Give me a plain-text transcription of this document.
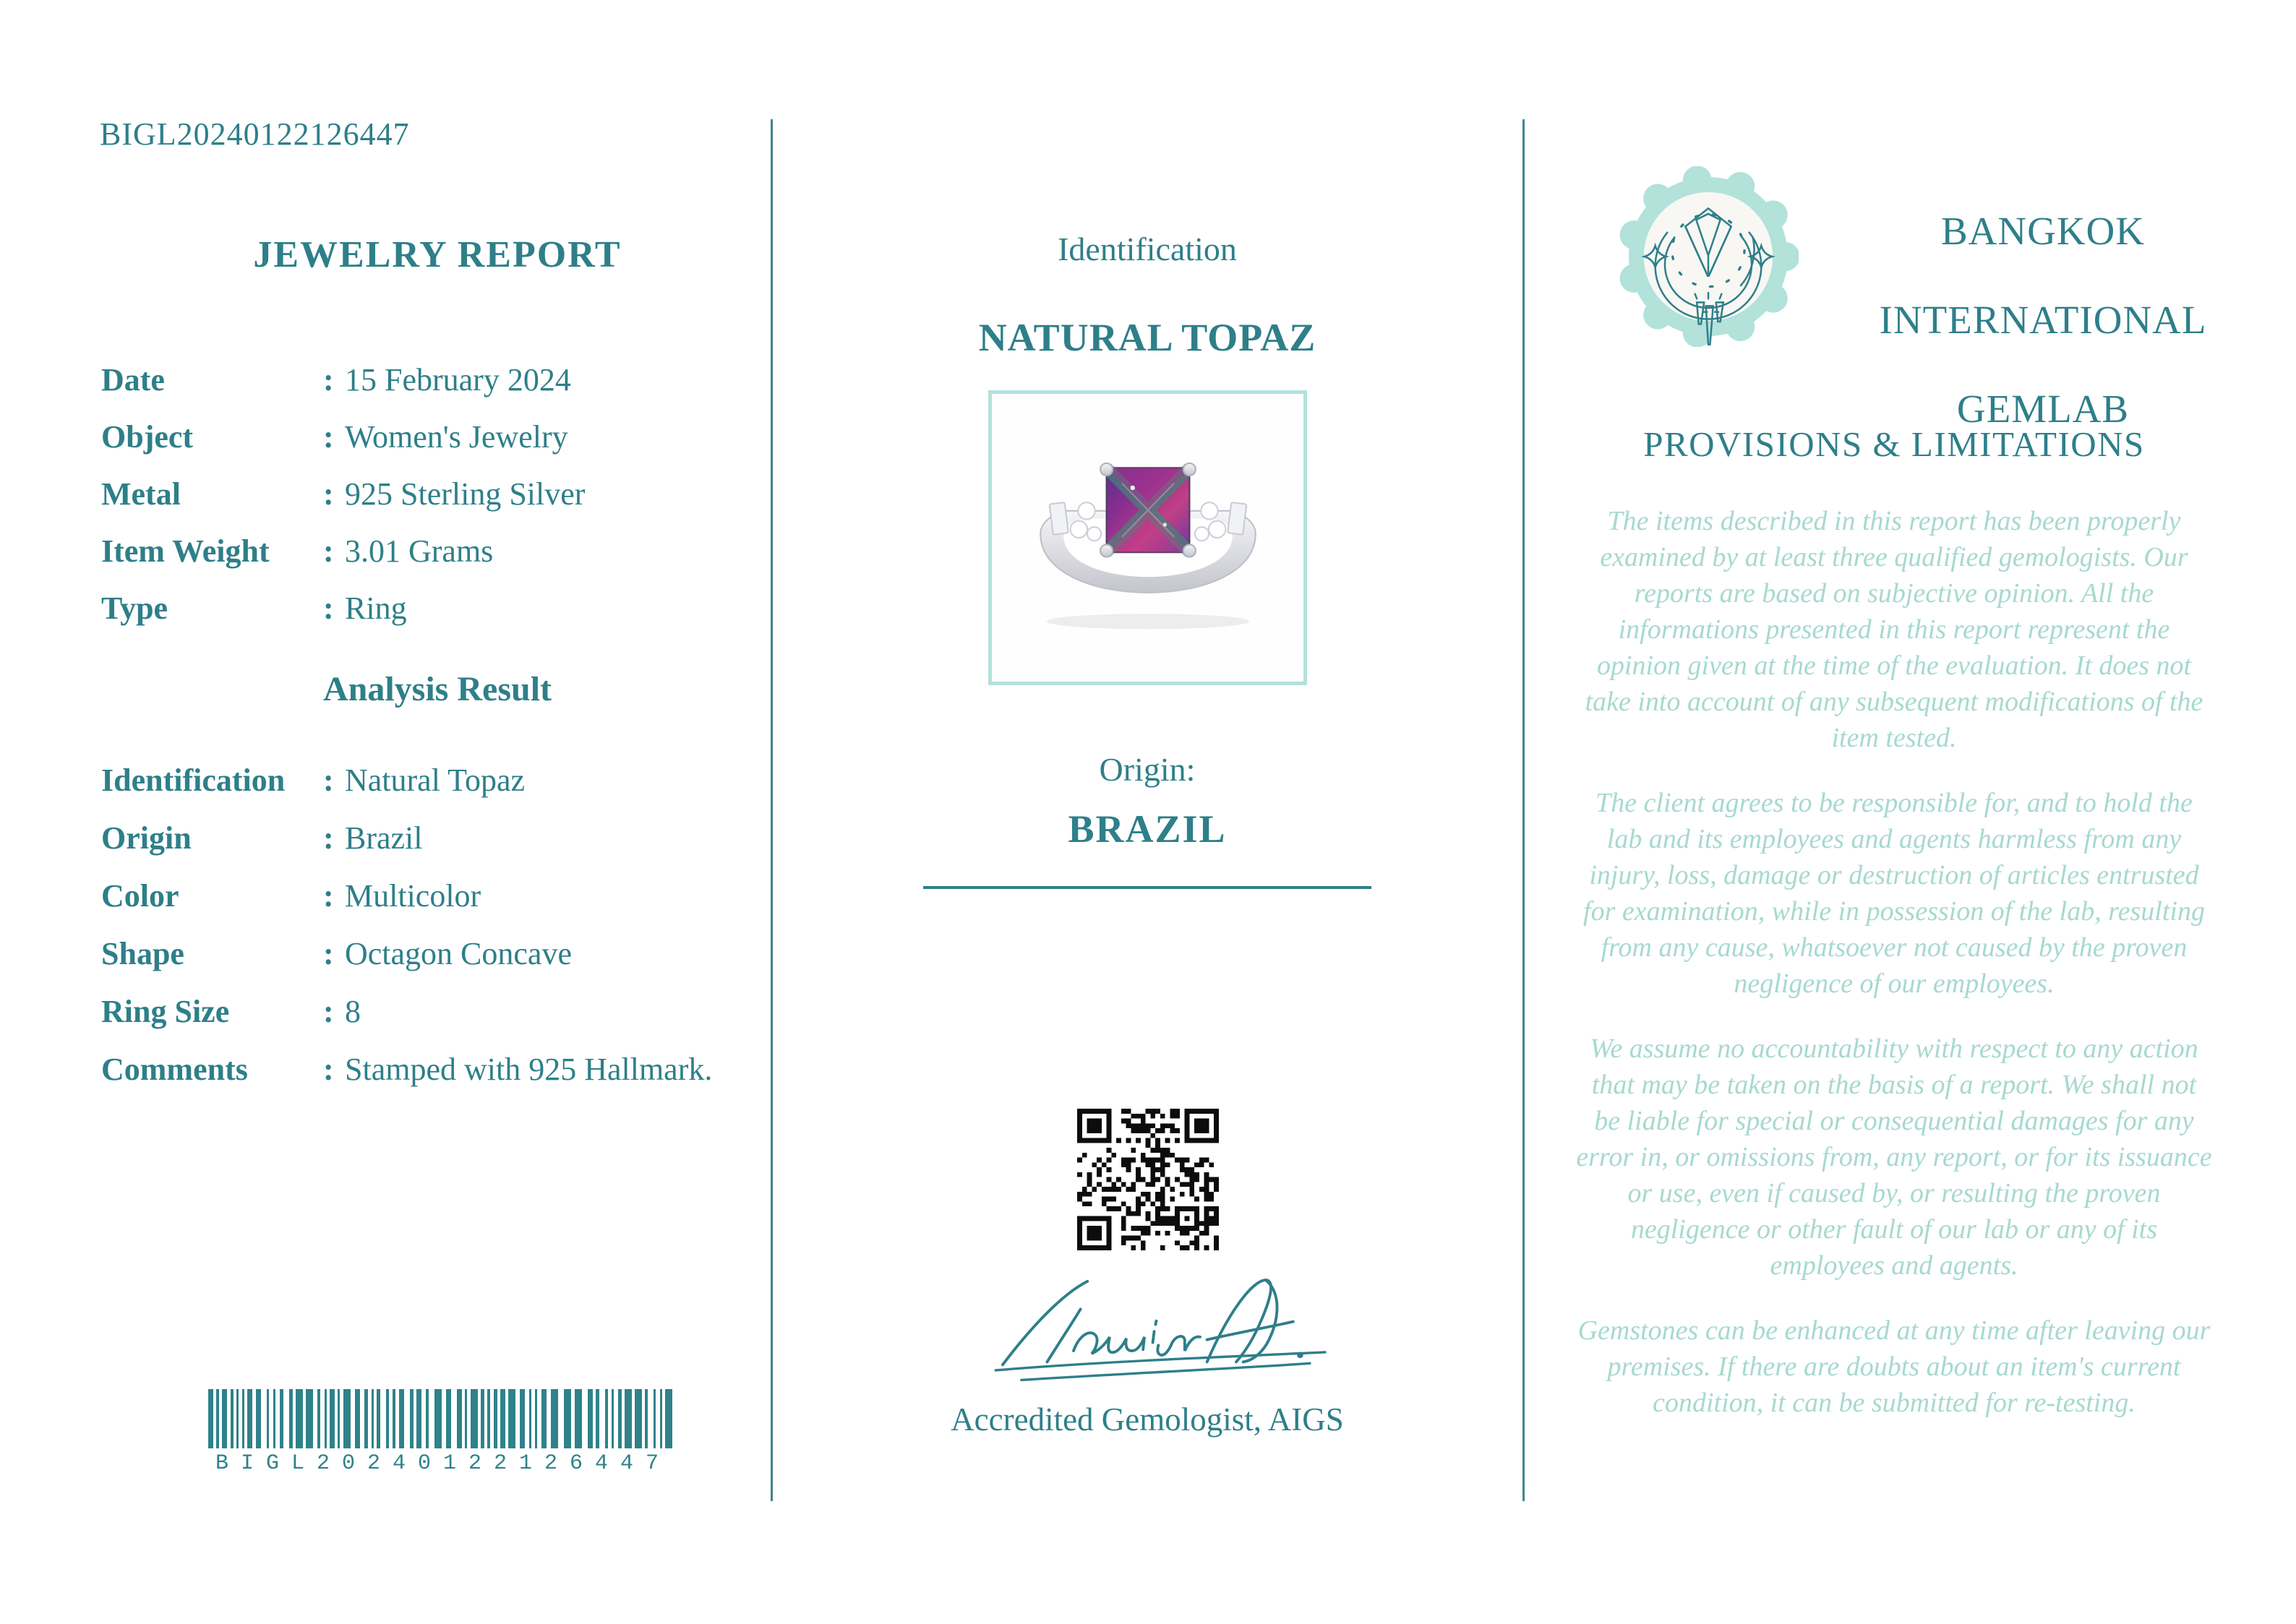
BIGL20240122126447
JEWELRY REPORT
Date	: 15 February 2024
Object	: Women's Jewelry
Metal	: 925 Sterling Silver
Item Weight : 3.01 Grams
Type	: Ring
Analysis Result
Identification : Natural Topaz
Origin	: Brazil
Color	: Multicolor
Shape	: Octagon Concave
Ring Size	: 8
Comments : Stamped with 925 Hallmark.
BIGL20240122126447
Identification
NATURAL TOPAZ
Origin:
BRAZIL
Accredited Gemologist, AIGS
BANGKOK
INTERNATIONAL
GEMLAB
PROVISIONS & LIMITATIONS

The items described in this report has been properly examined by at least three qualified gemologists. Our reports are based on subjective opinion. All the informations presented in this report represent the opinion given at the time of the evaluation. It does not take into account of any subsequent modifications of the item tested.

The client agrees to be responsible for, and to hold the lab and its employees and agents harmless from any injury, loss, damage or destruction of articles entrusted for examination, while in possession of the lab, resulting from any cause, whatsoever not caused by the proven negligence of our employees.

We assume no accountability with respect to any action that may be taken on the basis of a report. We shall not be liable for special or consequential damages for any error in, or omissions from, any report, or for its issuance or use, even if caused by, or resulting the proven negligence or other fault of our lab or any of its employees and agents.

Gemstones can be enhanced at any time after leaving our premises. If there are doubts about an item's current condition, it can be submitted for re-testing.
